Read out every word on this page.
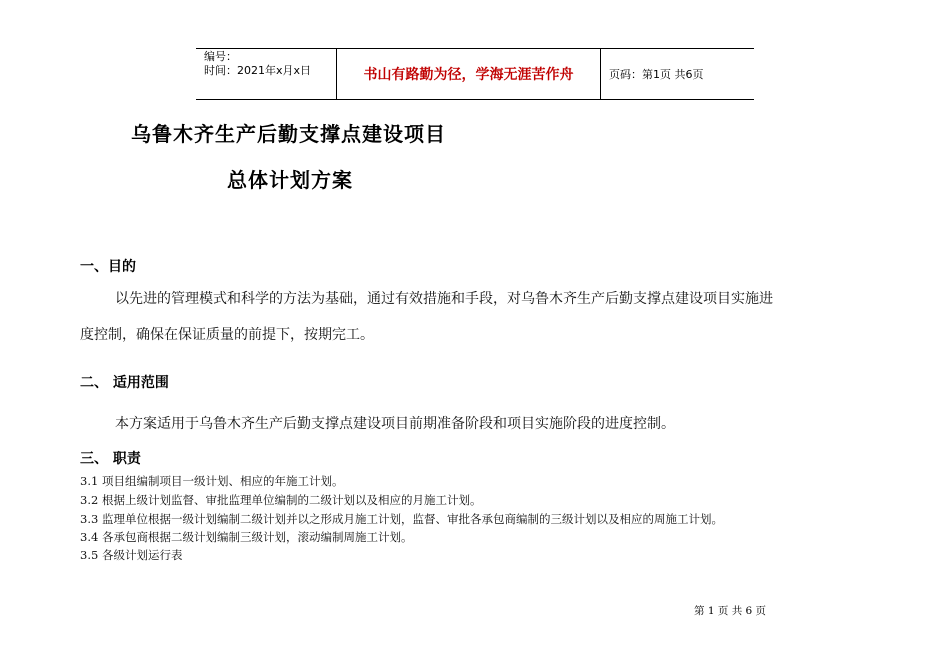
编号：
时间：2021年x月x日	书山有路勤为径，学海无涯苦作舟	页码：第1页 共6页
乌鲁木齐生产后勤支撑点建设项目
总体计划方案
一、目的
以先进的管理模式和科学的方法为基础，通过有效措施和手段，对乌鲁木齐生产后勤支撑点建设项目实施进
度控制，确保在保证质量的前提下，按期完工。
二、 适用范围
本方案适用于乌鲁木齐生产后勤支撑点建设项目前期准备阶段和项目实施阶段的进度控制。
三、 职责
3.1 项目组编制项目一级计划、相应的年施工计划。
3.2 根据上级计划监督、审批监理单位编制的二级计划以及相应的月施工计划。
3.3 监理单位根据一级计划编制二级计划并以之形成月施工计划，监督、审批各承包商编制的三级计划以及相应的周施工计划。
3.4 各承包商根据二级计划编制三级计划，滚动编制周施工计划。
3.5 各级计划运行表
第 1 页 共 6 页
